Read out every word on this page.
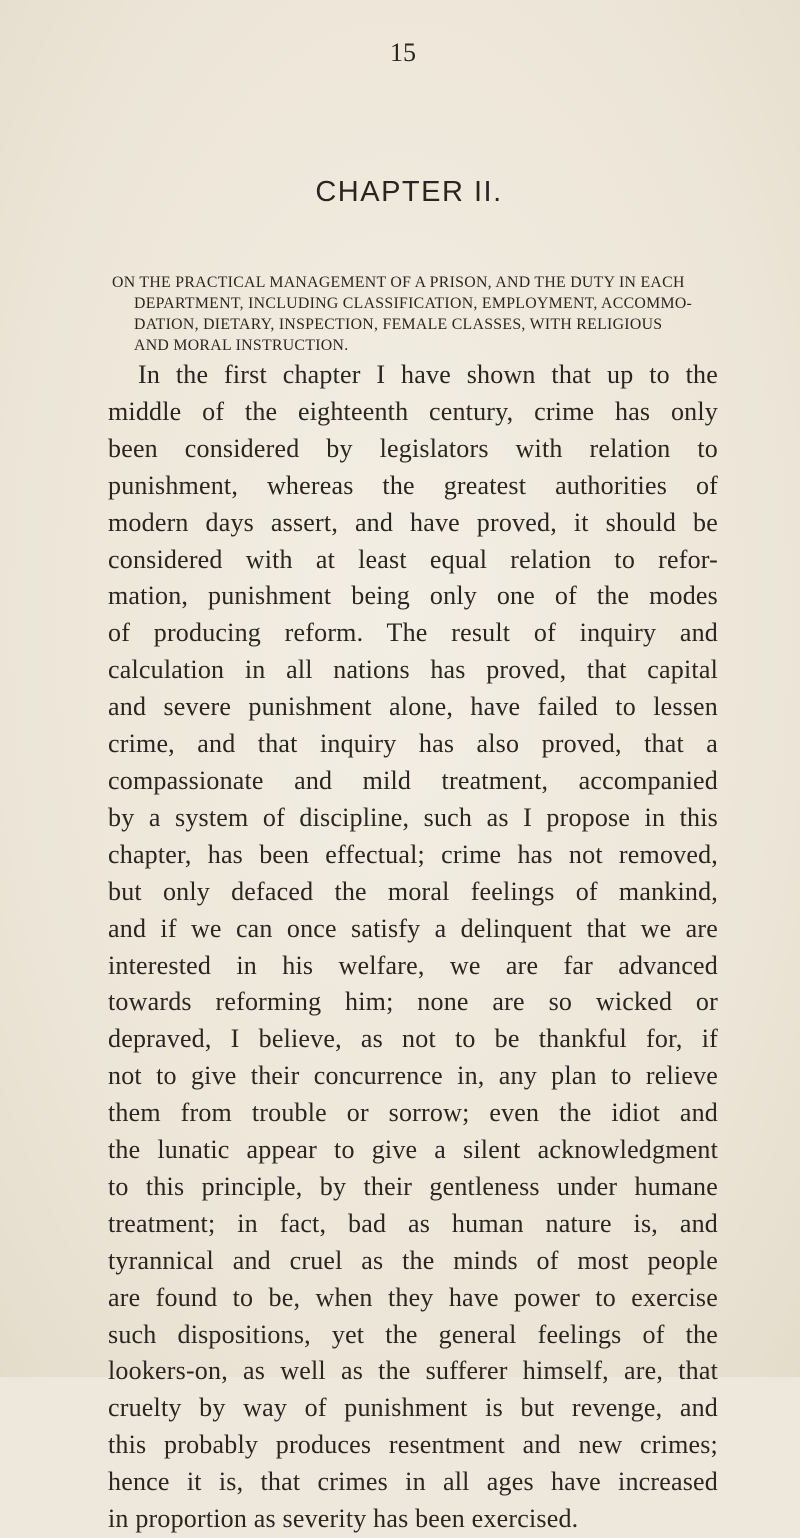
15
CHAPTER II.
ON THE PRACTICAL MANAGEMENT OF A PRISON, AND THE DUTY IN EACH
DEPARTMENT, INCLUDING CLASSIFICATION, EMPLOYMENT, ACCOMMO-
DATION, DIETARY, INSPECTION, FEMALE CLASSES, WITH RELIGIOUS
AND MORAL INSTRUCTION.
In the first chapter I have shown that up to the
middle of the eighteenth century, crime has only
been considered by legislators with relation to
punishment, whereas the greatest authorities of
modern days assert, and have proved, it should be
considered with at least equal relation to refor-
mation, punishment being only one of the modes
of producing reform. The result of inquiry and
calculation in all nations has proved, that capital
and severe punishment alone, have failed to lessen
crime, and that inquiry has also proved, that a
compassionate and mild treatment, accompanied
by a system of discipline, such as I propose in this
chapter, has been effectual; crime has not removed,
but only defaced the moral feelings of mankind,
and if we can once satisfy a delinquent that we are
interested in his welfare, we are far advanced
towards reforming him; none are so wicked or
depraved, I believe, as not to be thankful for, if
not to give their concurrence in, any plan to relieve
them from trouble or sorrow; even the idiot and
the lunatic appear to give a silent acknowledgment
to this principle, by their gentleness under humane
treatment; in fact, bad as human nature is, and
tyrannical and cruel as the minds of most people
are found to be, when they have power to exercise
such dispositions, yet the general feelings of the
lookers-on, as well as the sufferer himself, are, that
cruelty by way of punishment is but revenge, and
this probably produces resentment and new crimes;
hence it is, that crimes in all ages have increased
in proportion as severity has been exercised.
